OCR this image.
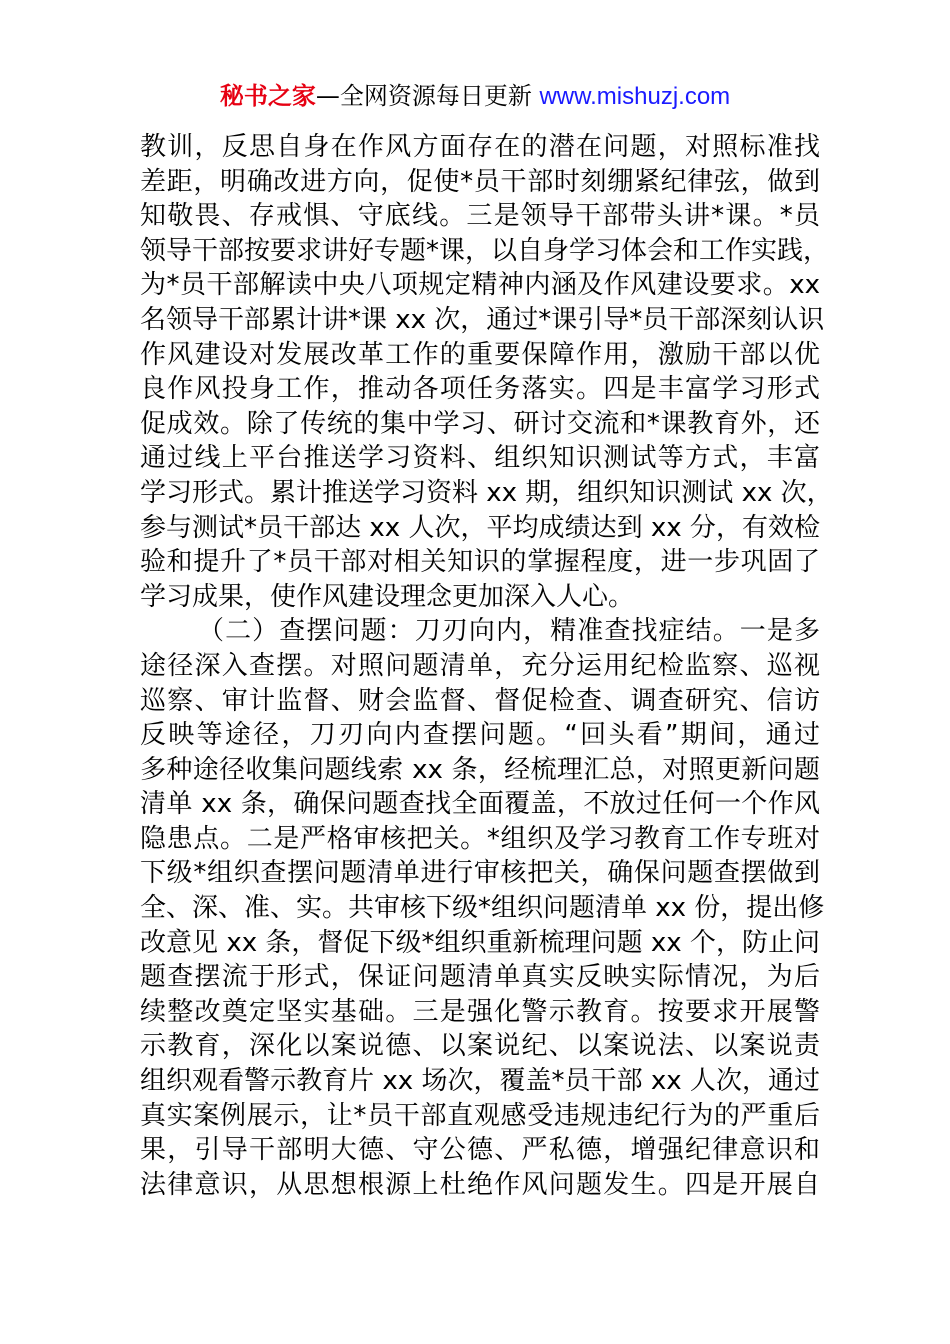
秘书之家—全网资源每日更新 www.mishuzj.com
教训，反思自身在作风方面存在的潜在问题，对照标准找
差距，明确改进方向，促使*员干部时刻绷紧纪律弦，做到
知敬畏、存戒惧、守底线。三是领导干部带头讲*课。*员
领导干部按要求讲好专题*课，以自身学习体会和工作实践，
为*员干部解读中央八项规定精神内涵及作风建设要求。xx
名领导干部累计讲*课 xx 次，通过*课引导*员干部深刻认识
作风建设对发展改革工作的重要保障作用，激励干部以优
良作风投身工作，推动各项任务落实。四是丰富学习形式
促成效。除了传统的集中学习、研讨交流和*课教育外，还
通过线上平台推送学习资料、组织知识测试等方式，丰富
学习形式。累计推送学习资料 xx 期，组织知识测试 xx 次，
参与测试*员干部达 xx 人次，平均成绩达到 xx 分，有效检
验和提升了*员干部对相关知识的掌握程度，进一步巩固了
学习成果，使作风建设理念更加深入人心。
（二）查摆问题：刀刃向内，精准查找症结。一是多
途径深入查摆。对照问题清单，充分运用纪检监察、巡视
巡察、审计监督、财会监督、督促检查、调查研究、信访
反映等途径，刀刃向内查摆问题。“回头看”期间，通过
多种途径收集问题线索 xx 条，经梳理汇总，对照更新问题
清单 xx 条，确保问题查找全面覆盖，不放过任何一个作风
隐患点。二是严格审核把关。*组织及学习教育工作专班对
下级*组织查摆问题清单进行审核把关，确保问题查摆做到
全、深、准、实。共审核下级*组织问题清单 xx 份，提出修
改意见 xx 条，督促下级*组织重新梳理问题 xx 个，防止问
题查摆流于形式，保证问题清单真实反映实际情况，为后
续整改奠定坚实基础。三是强化警示教育。按要求开展警
示教育，深化以案说德、以案说纪、以案说法、以案说责
组织观看警示教育片 xx 场次，覆盖*员干部 xx 人次，通过
真实案例展示，让*员干部直观感受违规违纪行为的严重后
果，引导干部明大德、守公德、严私德，增强纪律意识和
法律意识，从思想根源上杜绝作风问题发生。四是开展自
